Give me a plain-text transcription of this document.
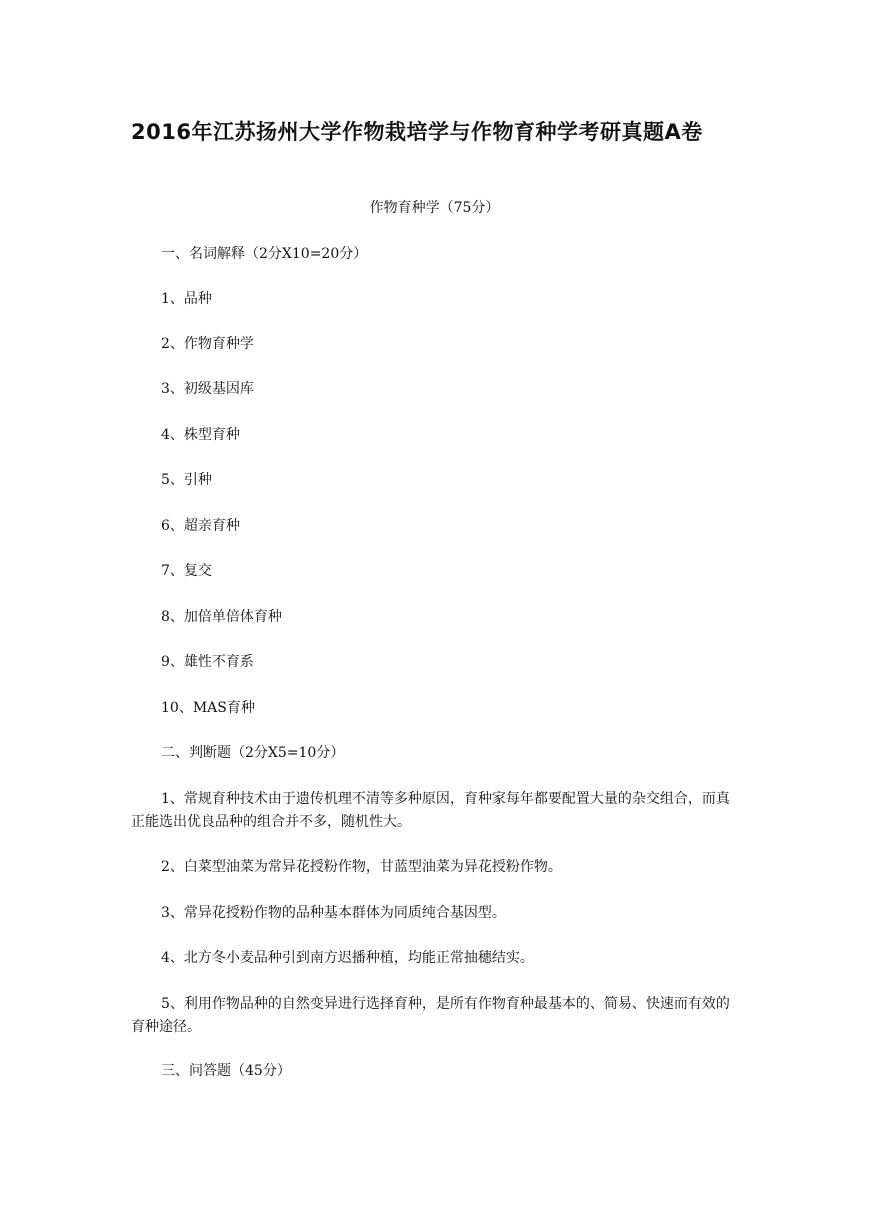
2016年江苏扬州大学作物栽培学与作物育种学考研真题A卷
作物育种学（75分）
一、名词解释（2分X10=20分）
1、品种
2、作物育种学
3、初级基因库
4、株型育种
5、引种
6、超亲育种
7、复交
8、加倍单倍体育种
9、雄性不育系
10、MAS育种
二、判断题（2分X5=10分）
1、常规育种技术由于遗传机理不清等多种原因，育种家每年都要配置大量的杂交组合，而真正能选出优良品种的组合并不多，随机性大。
2、白菜型油菜为常异花授粉作物，甘蓝型油菜为异花授粉作物。
3、常异花授粉作物的品种基本群体为同质纯合基因型。
4、北方冬小麦品种引到南方迟播种植，均能正常抽穗结实。
5、利用作物品种的自然变异进行选择育种，是所有作物育种最基本的、简易、快速而有效的育种途径。
三、问答题（45分）
